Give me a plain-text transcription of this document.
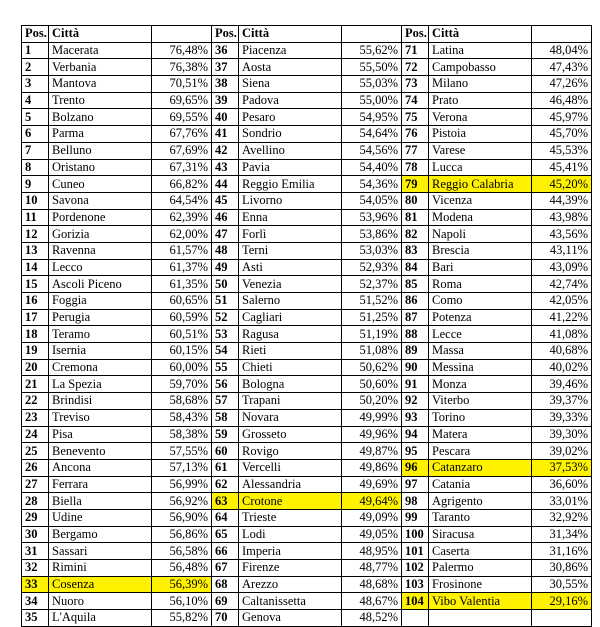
Pos.	Città		Pos.	Città		Pos.	Città	
1	Macerata	76,48%	36	Piacenza	55,62%	71	Latina	48,04%
2	Verbania	76,38%	37	Aosta	55,50%	72	Campobasso	47,43%
3	Mantova	70,51%	38	Siena	55,03%	73	Milano	47,26%
4	Trento	69,65%	39	Padova	55,00%	74	Prato	46,48%
5	Bolzano	69,55%	40	Pesaro	54,95%	75	Verona	45,97%
6	Parma	67,76%	41	Sondrio	54,64%	76	Pistoia	45,70%
7	Belluno	67,69%	42	Avellino	54,56%	77	Varese	45,53%
8	Oristano	67,31%	43	Pavia	54,40%	78	Lucca	45,41%
9	Cuneo	66,82%	44	Reggio Emilia	54,36%	79	Reggio Calabria	45,20%
10	Savona	64,54%	45	Livorno	54,05%	80	Vicenza	44,39%
11	Pordenone	62,39%	46	Enna	53,96%	81	Modena	43,98%
12	Gorizia	62,00%	47	Forlì	53,86%	82	Napoli	43,56%
13	Ravenna	61,57%	48	Terni	53,03%	83	Brescia	43,11%
14	Lecco	61,37%	49	Asti	52,93%	84	Bari	43,09%
15	Ascoli Piceno	61,35%	50	Venezia	52,37%	85	Roma	42,74%
16	Foggia	60,65%	51	Salerno	51,52%	86	Como	42,05%
17	Perugia	60,59%	52	Cagliari	51,25%	87	Potenza	41,22%
18	Teramo	60,51%	53	Ragusa	51,19%	88	Lecce	41,08%
19	Isernia	60,15%	54	Rieti	51,08%	89	Massa	40,68%
20	Cremona	60,00%	55	Chieti	50,62%	90	Messina	40,02%
21	La Spezia	59,70%	56	Bologna	50,60%	91	Monza	39,46%
22	Brindisi	58,68%	57	Trapani	50,20%	92	Viterbo	39,37%
23	Treviso	58,43%	58	Novara	49,99%	93	Torino	39,33%
24	Pisa	58,38%	59	Grosseto	49,96%	94	Matera	39,30%
25	Benevento	57,55%	60	Rovigo	49,87%	95	Pescara	39,02%
26	Ancona	57,13%	61	Vercelli	49,86%	96	Catanzaro	37,53%
27	Ferrara	56,99%	62	Alessandria	49,69%	97	Catania	36,60%
28	Biella	56,92%	63	Crotone	49,64%	98	Agrigento	33,01%
29	Udine	56,90%	64	Trieste	49,09%	99	Taranto	32,92%
30	Bergamo	56,86%	65	Lodi	49,05%	100	Siracusa	31,34%
31	Sassari	56,58%	66	Imperia	48,95%	101	Caserta	31,16%
32	Rimini	56,48%	67	Firenze	48,77%	102	Palermo	30,86%
33	Cosenza	56,39%	68	Arezzo	48,68%	103	Frosinone	30,55%
34	Nuoro	56,10%	69	Caltanissetta	48,67%	104	Vibo Valentia	29,16%
35	L'Aquila	55,82%	70	Genova	48,52%			
